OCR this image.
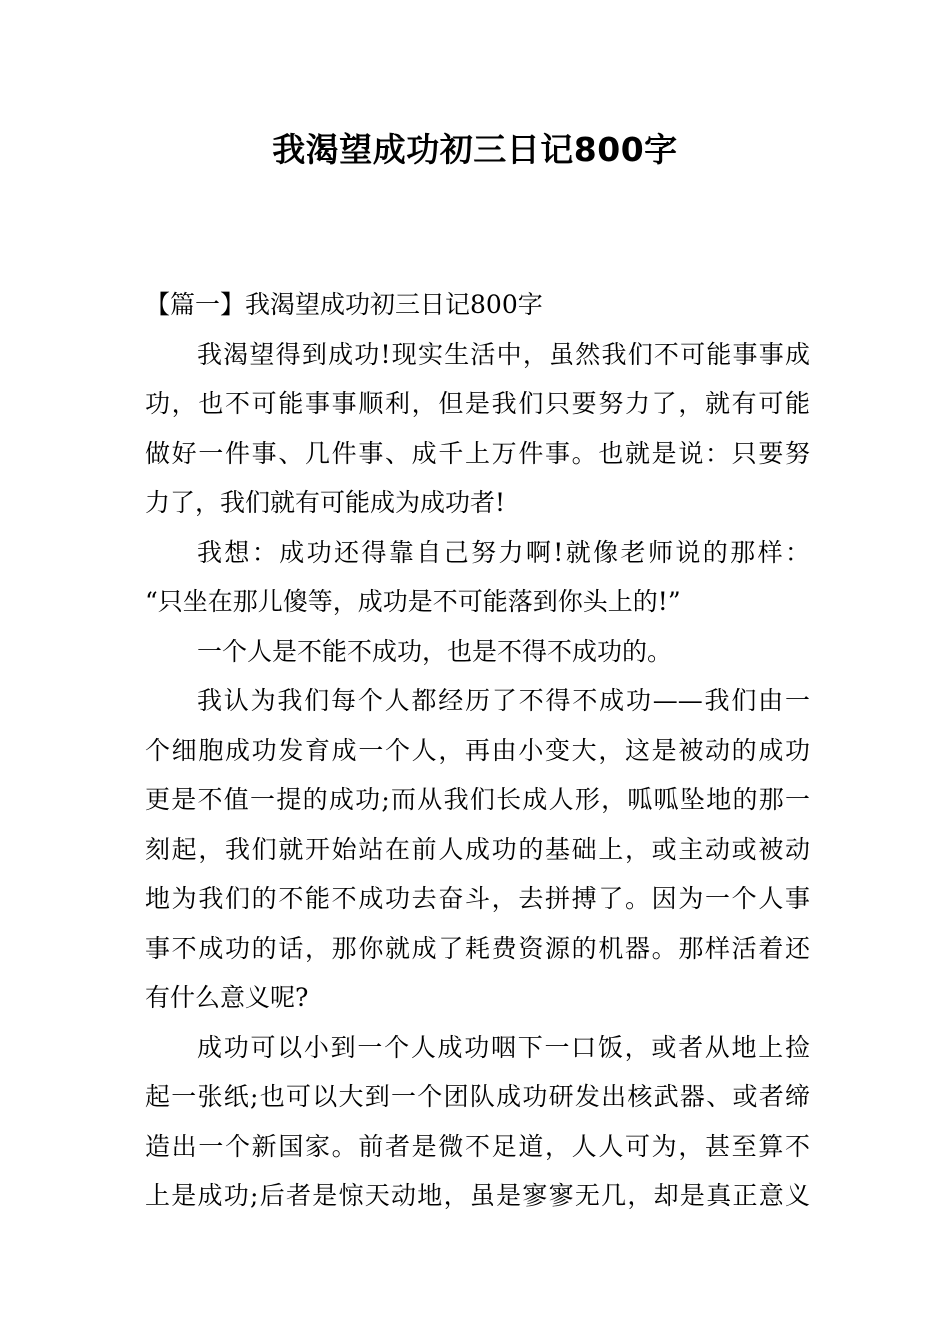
我渴望成功初三日记800字
【篇一】我渴望成功初三日记800字
我渴望得到成功!现实生活中，虽然我们不可能事事成
功，也不可能事事顺利，但是我们只要努力了，就有可能
做好一件事、几件事、成千上万件事。也就是说：只要努
力了，我们就有可能成为成功者!
我想：成功还得靠自己努力啊!就像老师说的那样：
“只坐在那儿傻等，成功是不可能落到你头上的!”
一个人是不能不成功，也是不得不成功的。
我认为我们每个人都经历了不得不成功——我们由一
个细胞成功发育成一个人，再由小变大，这是被动的成功
更是不值一提的成功;而从我们长成人形，呱呱坠地的那一
刻起，我们就开始站在前人成功的基础上，或主动或被动
地为我们的不能不成功去奋斗，去拼搏了。因为一个人事
事不成功的话，那你就成了耗费资源的机器。那样活着还
有什么意义呢?
成功可以小到一个人成功咽下一口饭，或者从地上捡
起一张纸;也可以大到一个团队成功研发出核武器、或者缔
造出一个新国家。前者是微不足道，人人可为，甚至算不
上是成功;后者是惊天动地，虽是寥寥无几，却是真正意义
